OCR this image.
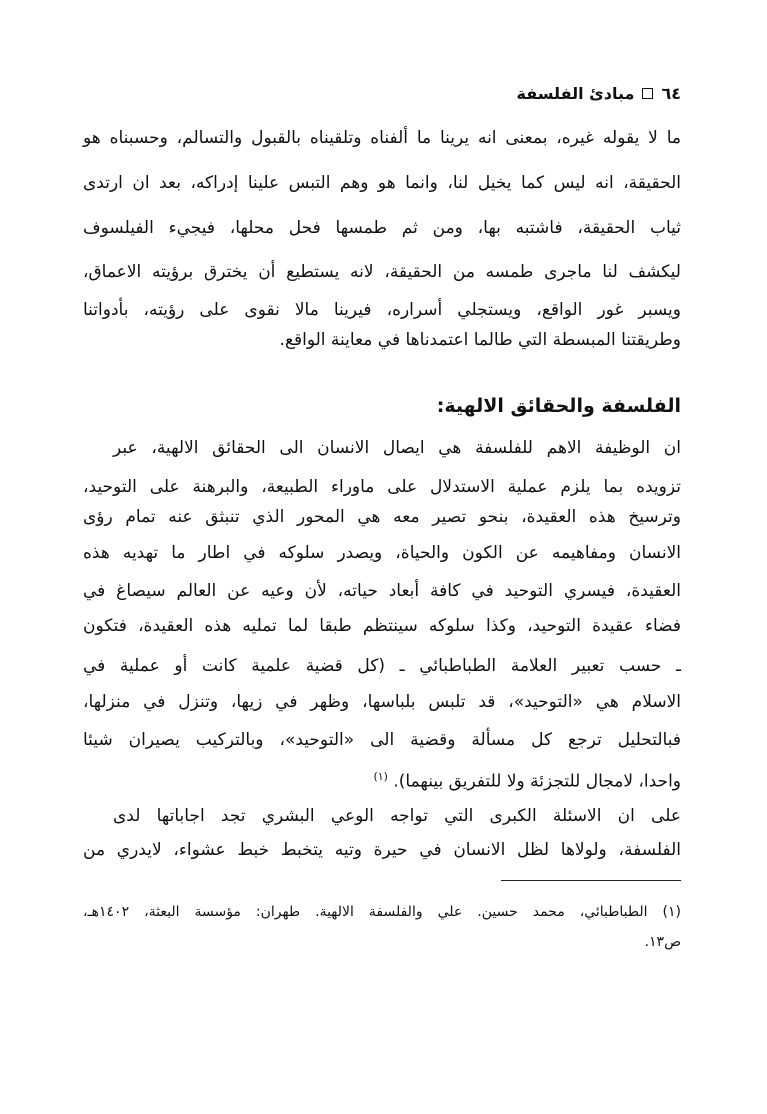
٦٤
مبادئ الفلسفة
ما لا يقوله غيره، بمعنى انه يرينا ما ألفناه وتلقيناه بالقبول والتسالم، وحسبناه هو
الحقيقة، انه ليس كما يخيل لنا، وانما هو وهم التبس علينا إدراكه، بعد ان ارتدى
ثياب الحقيقة، فاشتبه بها، ومن ثم طمسها فحل محلها، فيجيء الفيلسوف
ليكشف لنا ماجرى طمسه من الحقيقة، لانه يستطيع أن يخترق برؤيته الاعماق،
ويسبر غور الواقع، ويستجلي أسراره، فيرينا مالا نقوى على رؤيته، بأدواتنا
وطريقتنا المبسطة التي طالما اعتمدناها في معاينة الواقع.
الفلسفة والحقائق الالهية:
ان الوظيفة الاهم للفلسفة هي ايصال الانسان الى الحقائق الالهية، عبر
تزويده بما يلزم عملية الاستدلال على ماوراء الطبيعة، والبرهنة على التوحيد،
وترسيخ هذه العقيدة، بنحو تصير معه هي المحور الذي تنبثق عنه تمام رؤى
الانسان ومفاهيمه عن الكون والحياة، ويصدر سلوكه في اطار ما تهديه هذه
العقيدة، فيسري التوحيد في كافة أبعاد حياته، لأن وعيه عن العالم سيصاغ في
فضاء عقيدة التوحيد، وكذا سلوكه سينتظم طبقا لما تمليه هذه العقيدة، فتكون
ـ حسب تعبير العلامة الطباطبائي ـ (كل قضية علمية كانت أو عملية في
الاسلام هي «التوحيد»، قد تلبس بلباسها، وظهر في زيها، وتنزل في منزلها،
فبالتحليل ترجع كل مسألة وقضية الى «التوحيد»، وبالتركيب يصيران شيئا
واحدا، لامجال للتجزئة ولا للتفريق بينهما). $^{(١)}$
على ان الاسئلة الكبرى التي تواجه الوعي البشري تجد اجاباتها لدى
الفلسفة، ولولاها لظل الانسان في حيرة وتيه يتخبط خبط عشواء، لايدري من
(١) الطباطبائي، محمد حسين. علي والفلسفة الالهية. طهران: مؤسسة البعثة، ١٤٠٢هـ،
ص١٣.
